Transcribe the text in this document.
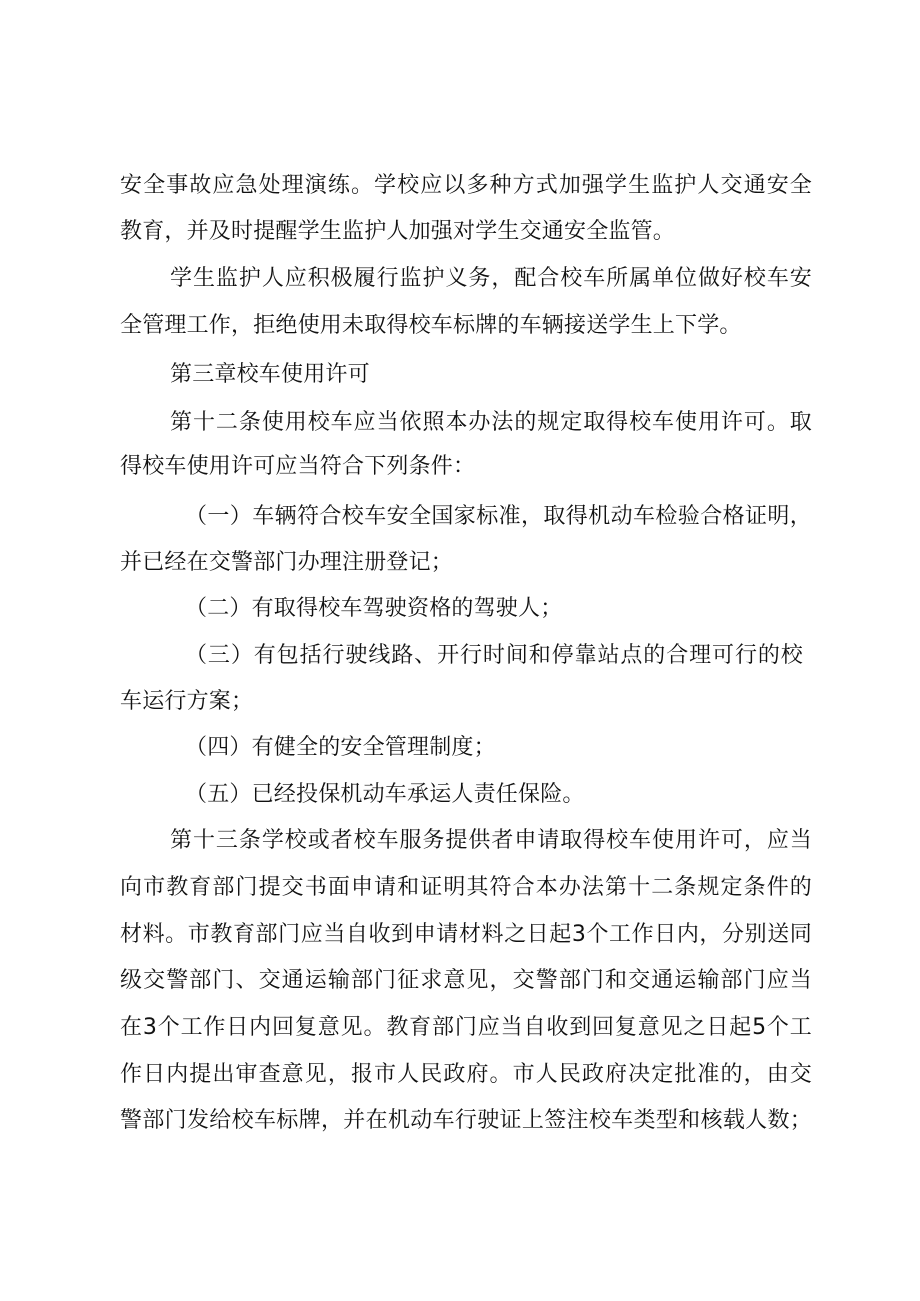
安全事故应急处理演练。学校应以多种方式加强学生监护人交通安全
教育，并及时提醒学生监护人加强对学生交通安全监管。
学生监护人应积极履行监护义务，配合校车所属单位做好校车安
全管理工作，拒绝使用未取得校车标牌的车辆接送学生上下学。
第三章校车使用许可
第十二条使用校车应当依照本办法的规定取得校车使用许可。取
得校车使用许可应当符合下列条件：
（一）车辆符合校车安全国家标准，取得机动车检验合格证明，
并已经在交警部门办理注册登记；
（二）有取得校车驾驶资格的驾驶人；
（三）有包括行驶线路、开行时间和停靠站点的合理可行的校
车运行方案；
（四）有健全的安全管理制度；
（五）已经投保机动车承运人责任保险。
第十三条学校或者校车服务提供者申请取得校车使用许可，应当
向市教育部门提交书面申请和证明其符合本办法第十二条规定条件的
材料。市教育部门应当自收到申请材料之日起3个工作日内，分别送同
级交警部门、交通运输部门征求意见，交警部门和交通运输部门应当
在3个工作日内回复意见。教育部门应当自收到回复意见之日起5个工
作日内提出审查意见，报市人民政府。市人民政府决定批准的，由交
警部门发给校车标牌，并在机动车行驶证上签注校车类型和核载人数；
